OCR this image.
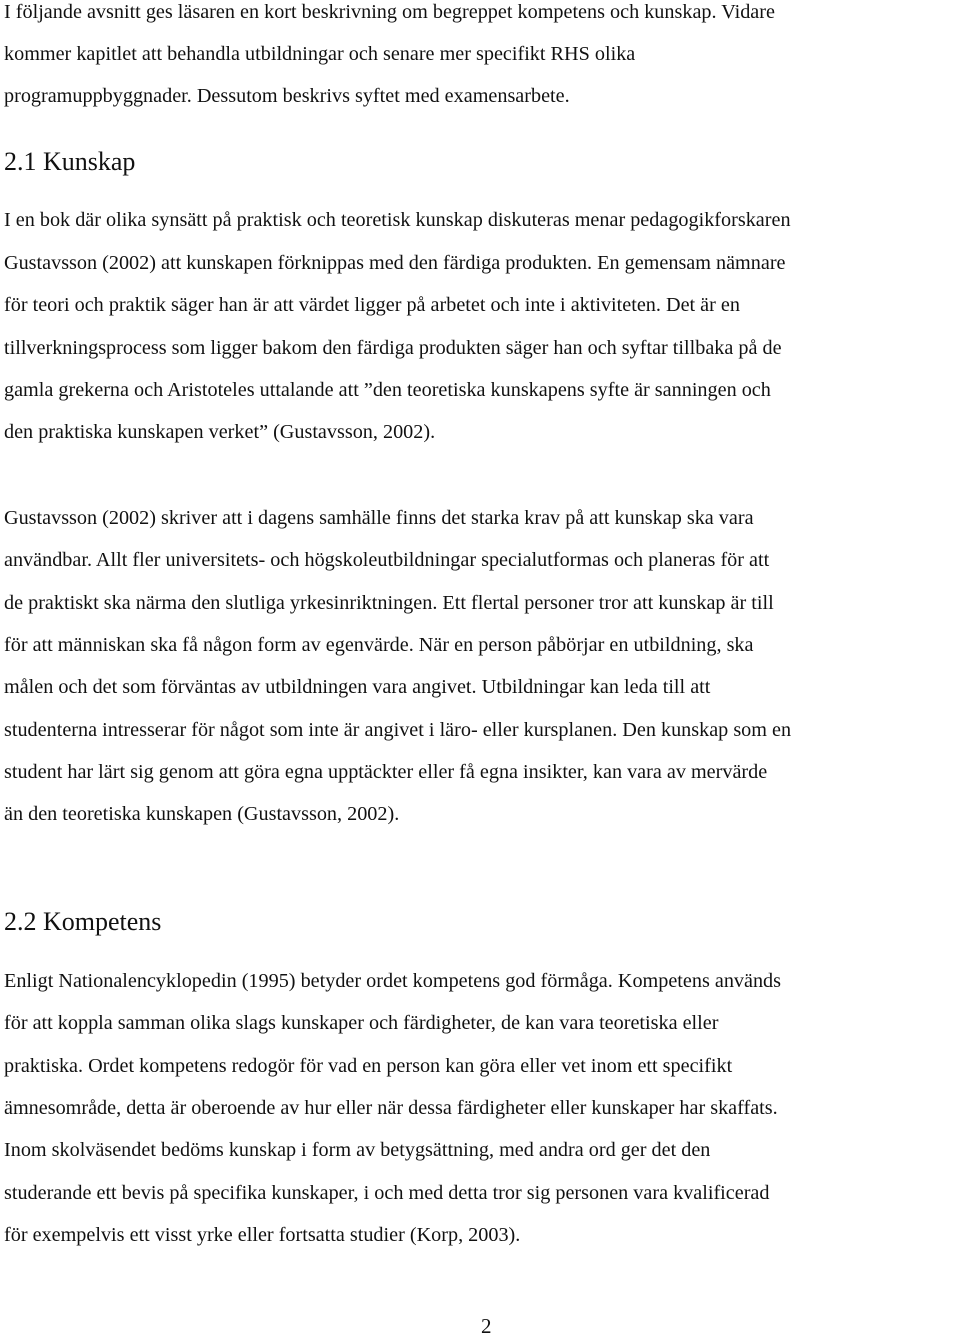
I följande avsnitt ges läsaren en kort beskrivning om begreppet kompetens och kunskap. Vidare
kommer kapitlet att behandla utbildningar och senare mer specifikt RHS olika
programuppbyggnader. Dessutom beskrivs syftet med examensarbete.
2.1 Kunskap
I en bok där olika synsätt på praktisk och teoretisk kunskap diskuteras menar pedagogikforskaren
Gustavsson (2002) att kunskapen förknippas med den färdiga produkten. En gemensam nämnare
för teori och praktik säger han är att värdet ligger på arbetet och inte i aktiviteten. Det är en
tillverkningsprocess som ligger bakom den färdiga produkten säger han och syftar tillbaka på de
gamla grekerna och Aristoteles uttalande att ”den teoretiska kunskapens syfte är sanningen och
den praktiska kunskapen verket” (Gustavsson, 2002).
Gustavsson (2002) skriver att i dagens samhälle finns det starka krav på att kunskap ska vara
användbar. Allt fler universitets- och högskoleutbildningar specialutformas och planeras för att
de praktiskt ska närma den slutliga yrkesinriktningen. Ett flertal personer tror att kunskap är till
för att människan ska få någon form av egenvärde. När en person påbörjar en utbildning, ska
målen och det som förväntas av utbildningen vara angivet. Utbildningar kan leda till att
studenterna intresserar för något som inte är angivet i läro- eller kursplanen. Den kunskap som en
student har lärt sig genom att göra egna upptäckter eller få egna insikter, kan vara av mervärde
än den teoretiska kunskapen (Gustavsson, 2002).
2.2 Kompetens
Enligt Nationalencyklopedin (1995) betyder ordet kompetens god förmåga. Kompetens används
för att koppla samman olika slags kunskaper och färdigheter, de kan vara teoretiska eller
praktiska. Ordet kompetens redogör för vad en person kan göra eller vet inom ett specifikt
ämnesområde, detta är oberoende av hur eller när dessa färdigheter eller kunskaper har skaffats.
Inom skolväsendet bedöms kunskap i form av betygsättning, med andra ord ger det den
studerande ett bevis på specifika kunskaper, i och med detta tror sig personen vara kvalificerad
för exempelvis ett visst yrke eller fortsatta studier (Korp, 2003).
2
